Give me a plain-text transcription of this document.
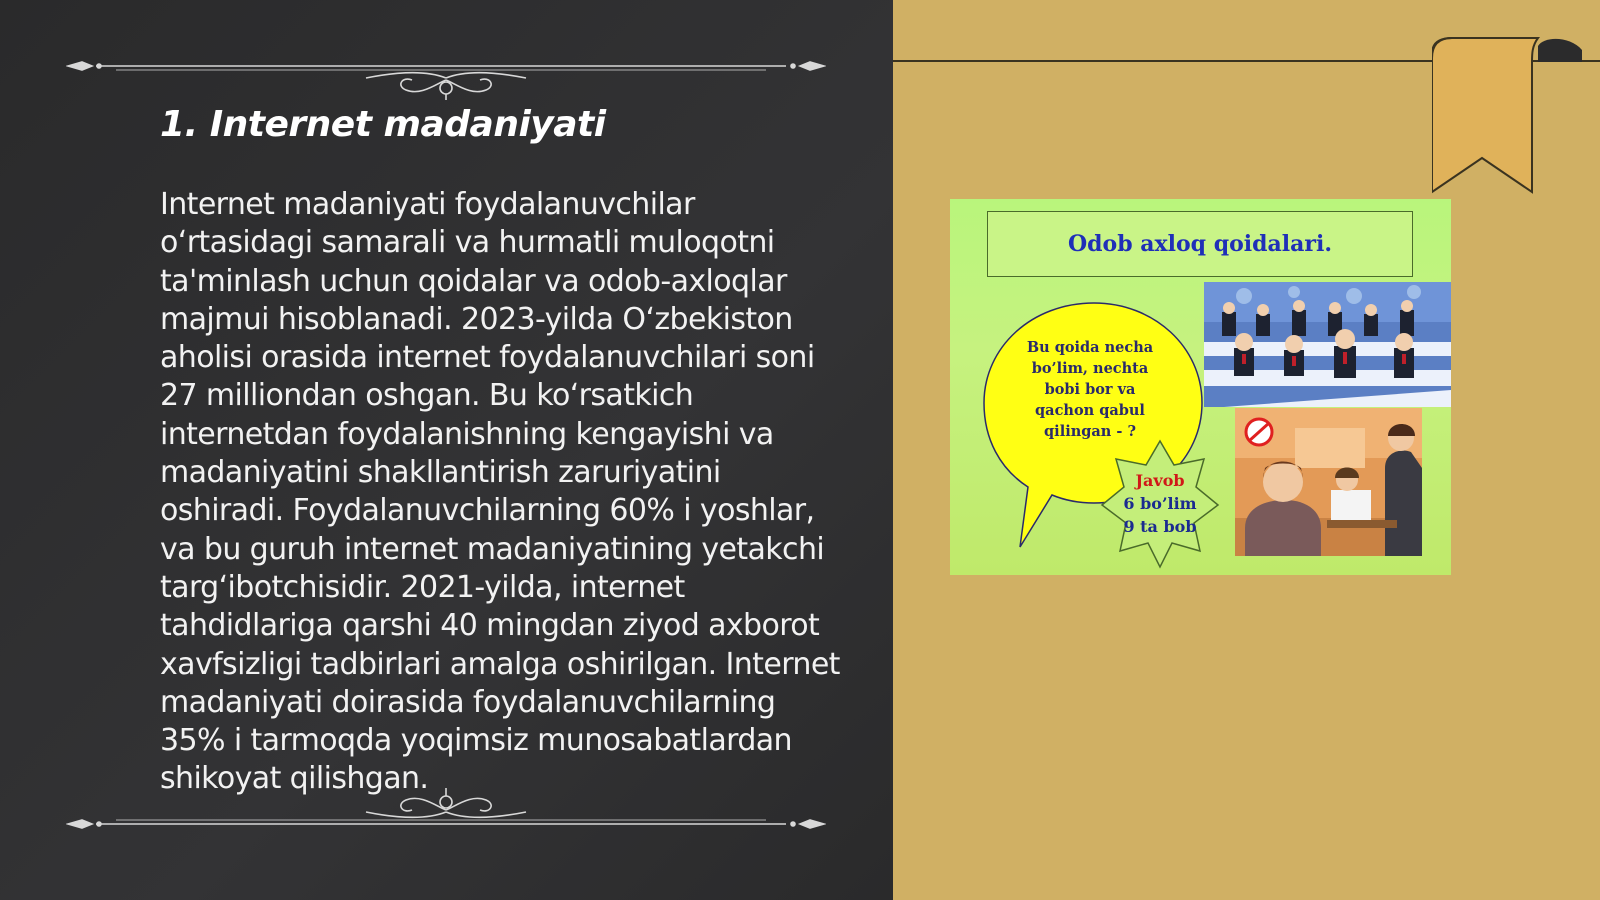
1. Internet madaniyati

Internet madaniyati foydalanuvchilar o‘rtasidagi samarali va hurmatli muloqotni ta'minlash uchun qoidalar va odob-axloqlar majmui hisoblanadi. 2023-yilda O‘zbekiston aholisi orasida internet foydalanuvchilari soni 27 milliondan oshgan. Bu ko‘rsatkich internetdan foydalanishning kengayishi va madaniyatini shakllantirish zaruriyatini oshiradi. Foydalanuvchilarning 60% i yoshlar, va bu guruh internet madaniyatining yetakchi targ‘ibotchisidir. 2021-yilda, internet tahdidlariga qarshi 40 mingdan ziyod axborot xavfsizligi tadbirlari amalga oshirilgan. Internet madaniyati doirasida foydalanuvchilarning 35% i tarmoqda yoqimsiz munosabatlardan shikoyat qilishgan.

Odob axloq qoidalari.
Bu qoida necha
bo’lim, nechta
bobi bor va
qachon qabul
qilingan - ?
Javob
6 bo’lim
9 ta bob
